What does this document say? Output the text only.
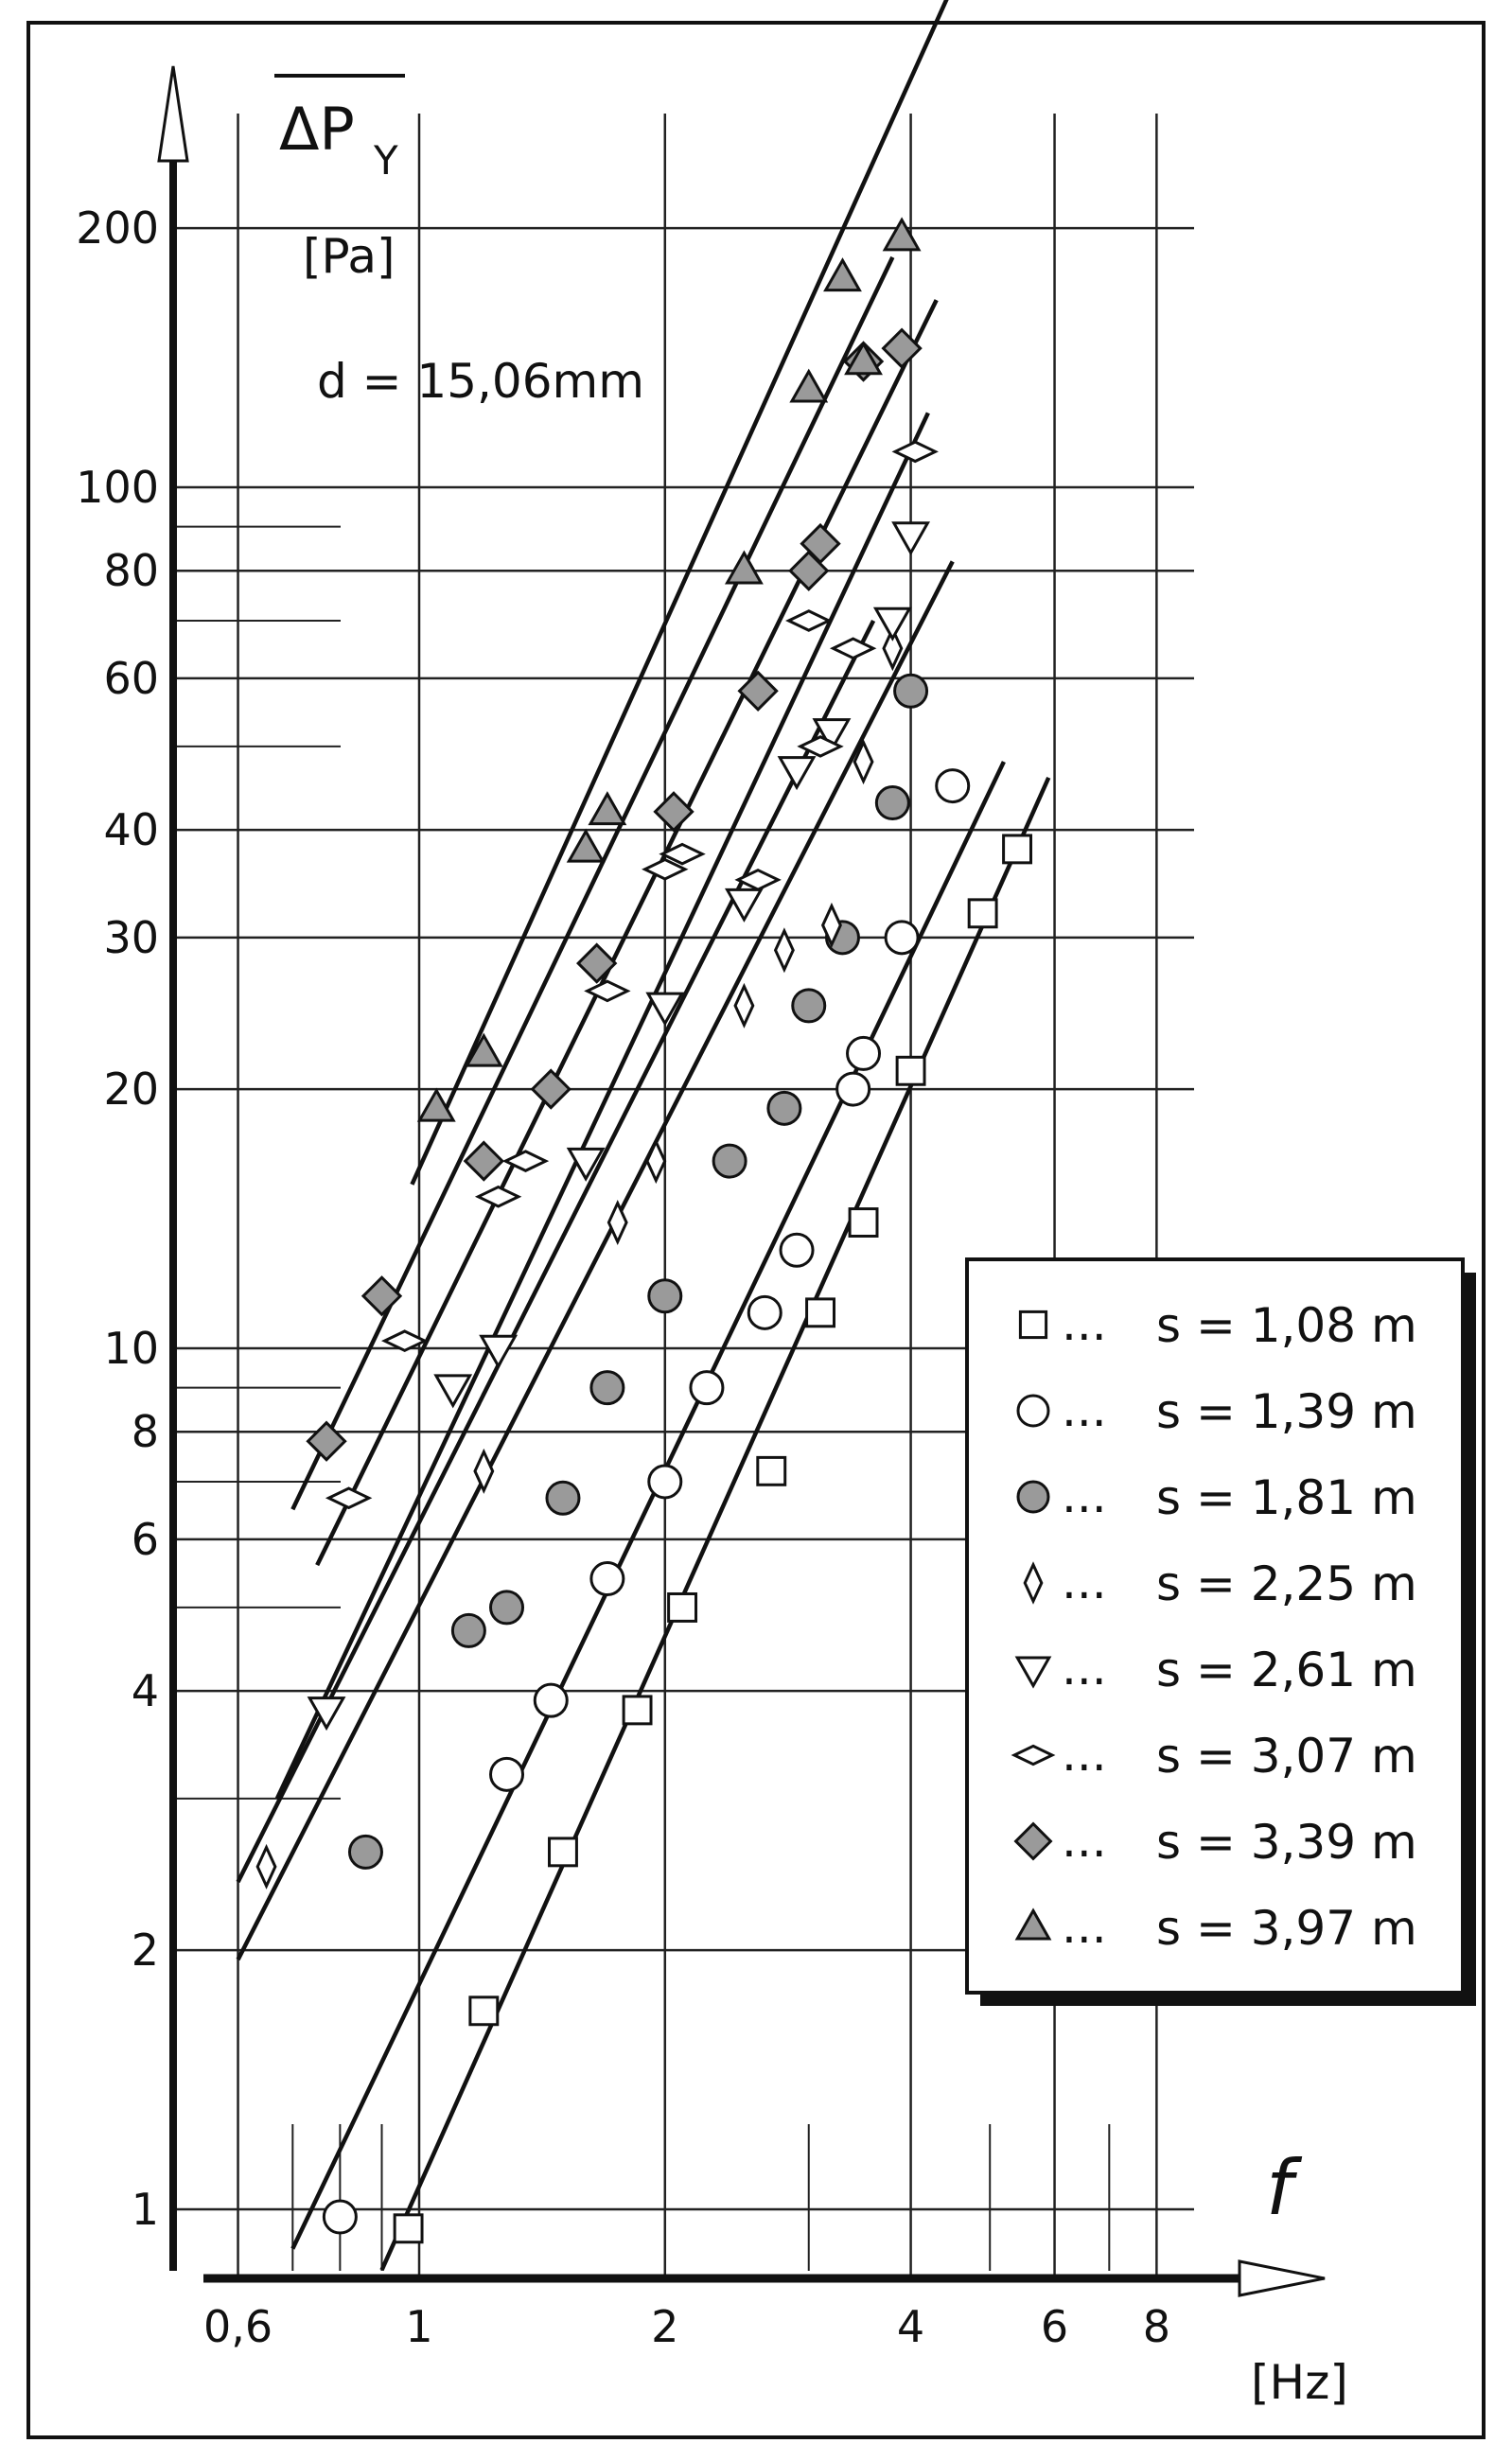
0,6	1	2	4	6 8
1
2
4
6
8
10
20
30
40
60
80
100
200
ΔP Y
[Pa]
d = 15,06mm
f
[Hz]
... s = 1,08 m
... s = 1,39 m
... s = 1,81 m
... s = 2,25 m
... s = 2,61 m
... s = 3,07 m
... s = 3,39 m
... s = 3,97 m
